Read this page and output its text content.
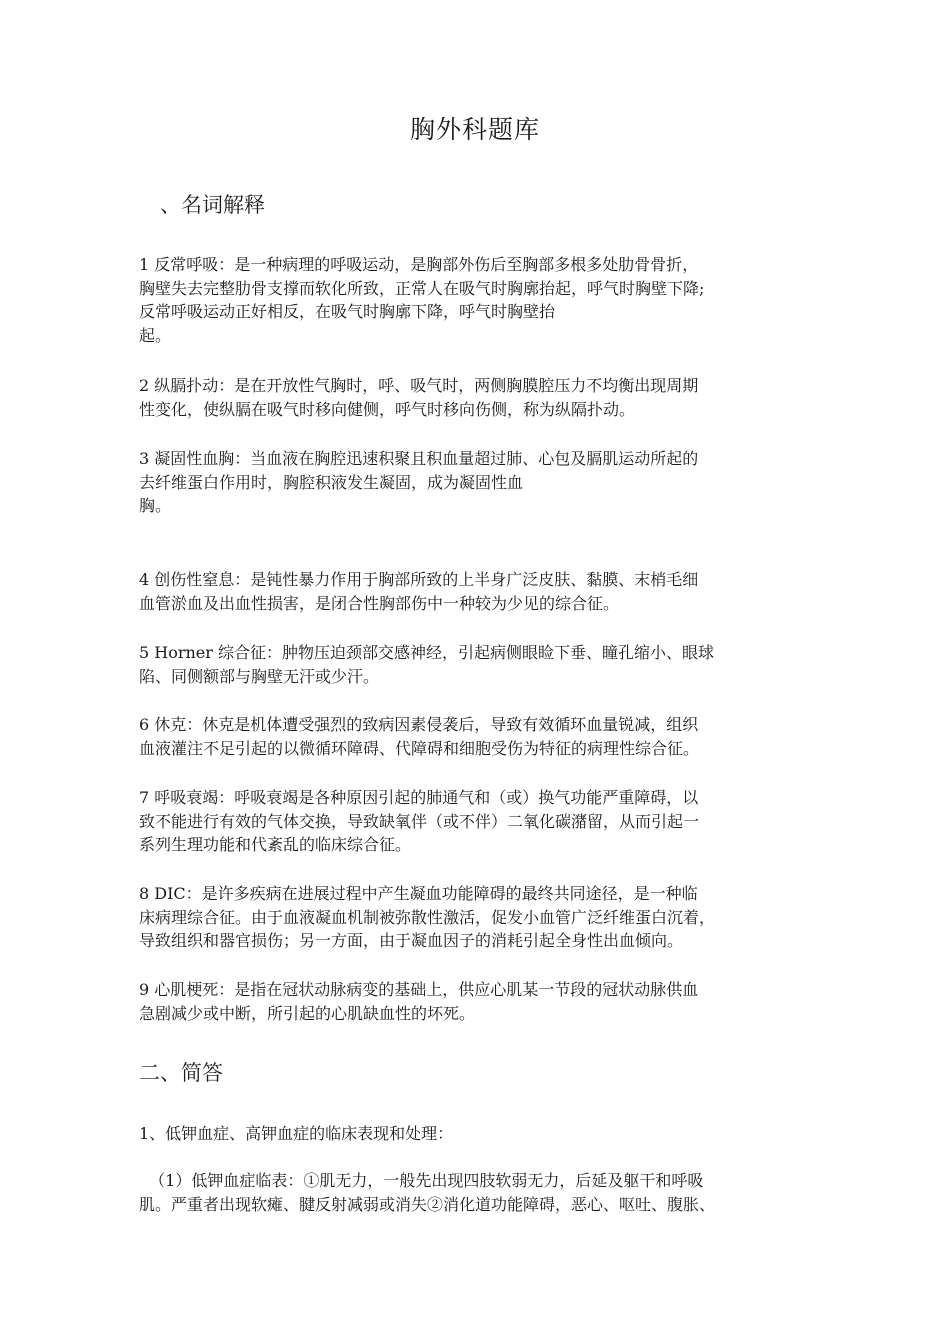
胸外科题库
、名词解释

1 反常呼吸：是一种病理的呼吸运动，是胸部外伤后至胸部多根多处肋骨骨折，
胸壁失去完整肋骨支撑而软化所致，正常人在吸气时胸廓抬起，呼气时胸壁下降;
反常呼吸运动正好相反，在吸气时胸廓下降，呼气时胸壁抬
起。

2 纵膈扑动：是在开放性气胸时，呼、吸气时，两侧胸膜腔压力不均衡出现周期
性变化，使纵膈在吸气时移向健侧，呼气时移向伤侧，称为纵隔扑动。

3 凝固性血胸：当血液在胸腔迅速积聚且积血量超过肺、心包及膈肌运动所起的
去纤维蛋白作用时，胸腔积液发生凝固，成为凝固性血
胸。

4 创伤性窒息：是钝性暴力作用于胸部所致的上半身广泛皮肤、黏膜、末梢毛细
血管淤血及出血性损害，是闭合性胸部伤中一种较为少见的综合征。

5 Horner 综合征：肿物压迫颈部交感神经，引起病侧眼睑下垂、瞳孔缩小、眼球
陷、同侧额部与胸壁无汗或少汗。

6 休克：休克是机体遭受强烈的致病因素侵袭后，导致有效循环血量锐减，组织
血液灌注不足引起的以微循环障碍、代障碍和细胞受伤为特征的病理性综合征。

7 呼吸衰竭：呼吸衰竭是各种原因引起的肺通气和（或）换气功能严重障碍，以
致不能进行有效的气体交换，导致缺氧伴（或不伴）二氧化碳潴留，从而引起一
系列生理功能和代紊乱的临床综合征。

8 DIC：是许多疾病在进展过程中产生凝血功能障碍的最终共同途径，是一种临
床病理综合征。由于血液凝血机制被弥散性激活，促发小血管广泛纤维蛋白沉着，
导致组织和器官损伤；另一方面，由于凝血因子的消耗引起全身性出血倾向。

9 心肌梗死：是指在冠状动脉病变的基础上，供应心肌某一节段的冠状动脉供血
急剧减少或中断，所引起的心肌缺血性的坏死。

二、简答

1、低钾血症、高钾血症的临床表现和处理：

（1）低钾血症临表：①肌无力，一般先出现四肢软弱无力，后延及躯干和呼吸
肌。严重者出现软瘫、腱反射减弱或消失②消化道功能障碍，恶心、呕吐、腹胀、
